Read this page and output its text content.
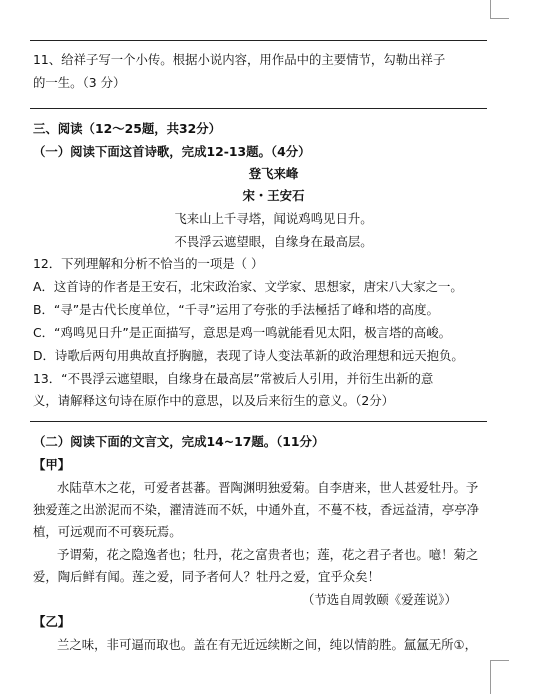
11、给祥子写一个小传。根据小说内容，用作品中的主要情节，勾勒出祥子
的一生。（3 分）
三、阅读（12～25题，共32分）
（一）阅读下面这首诗歌，完成12-13题。（4分）
登飞来峰
宋・王安石
飞来山上千寻塔，闻说鸡鸣见日升。
不畏浮云遮望眼，自缘身在最高层。
12．下列理解和分析不恰当的一项是（ ）
A．这首诗的作者是王安石，北宋政治家、文学家、思想家，唐宋八大家之一。
B．“寻”是古代长度单位，“千寻”运用了夸张的手法極括了峰和塔的高度。
C．“鸡鸣见日升”是正面描写，意思是鸡一鸣就能看见太阳，极言塔的高峻。
D．诗歌后两句用典故直抒胸臆，表现了诗人变法革新的政治理想和远天抱负。
13．“不畏浮云遮望眼，自缘身在最高层”常被后人引用，并衍生出新的意
义，请解释这句诗在原作中的意思，以及后来衍生的意义。（2分）
（二）阅读下面的文言文，完成14~17题。（11分）
【甲】
水陆草木之花，可爱者甚蕃。晋陶渊明独爱菊。自李唐来，世人甚爱牡丹。予
独爱莲之出淤泥而不染，濯清涟而不妖，中通外直，不蔓不枝，香远益清，亭亭净
植，可远观而不可亵玩焉。
予谓菊，花之隐逸者也；牡丹，花之富贵者也；莲，花之君子者也。噫！菊之
爱，陶后鲜有闻。莲之爱，同予者何人？牡丹之爱，宜乎众矣！
（节选自周敦颐《爱莲说》）
【乙】
兰之味，非可逼而取也。盖在有无近远续断之间，纯以情韵胜。氲氲无所①，
